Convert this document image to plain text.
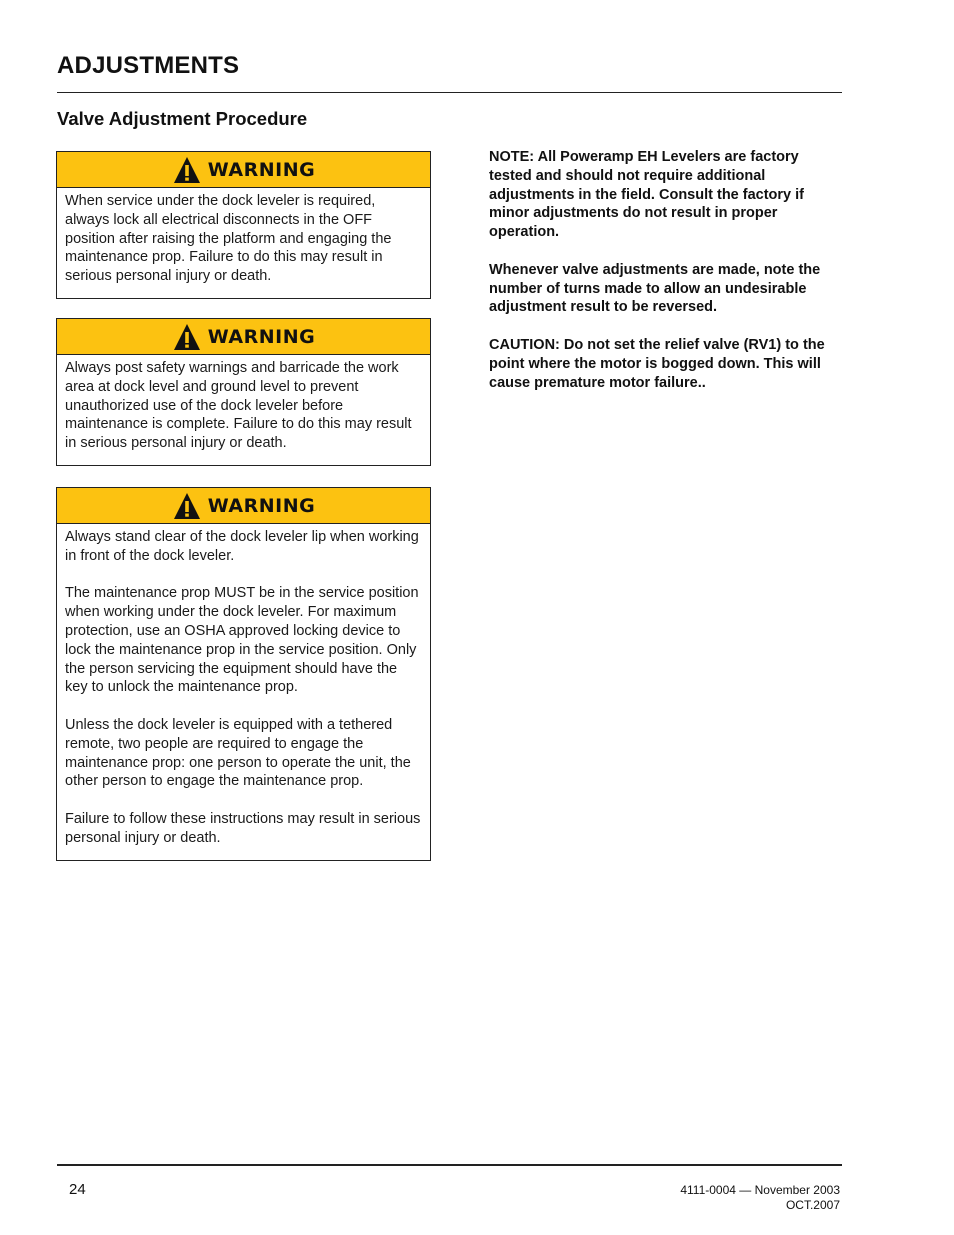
ADJUSTMENTS
Valve Adjustment Procedure
WARNING

When service under the dock leveler is required, always lock all electrical disconnects in the OFF position after raising the platform and engaging the maintenance prop. Failure to do this may result in serious personal injury or death.

WARNING

Always post safety warnings and barricade the work area at dock level and ground level to prevent unauthorized use of the dock leveler before maintenance is complete. Failure to do this may result in serious personal injury or death.

WARNING

Always stand clear of the dock leveler lip when working in front of the dock leveler.

The maintenance prop MUST be in the service position when working under the dock leveler. For maximum protection, use an OSHA approved locking device to lock the maintenance prop in the service position. Only the person servicing the equipment should have the key to unlock the maintenance prop.

Unless the dock leveler is equipped with a tethered remote, two people are required to engage the maintenance prop: one person to operate the unit, the other person to engage the maintenance prop.

Failure to follow these instructions may result in serious personal injury or death.

NOTE: All Poweramp EH Levelers are factory tested and should not require additional adjustments in the field. Consult the factory if minor adjustments do not result in proper operation.

Whenever valve adjustments are made, note the number of turns made to allow an undesirable adjustment result to be reversed.

CAUTION: Do not set the relief valve (RV1) to the point where the motor is bogged down. This will cause premature motor failure..

24	4111-0004 — November 2003
OCT.2007
